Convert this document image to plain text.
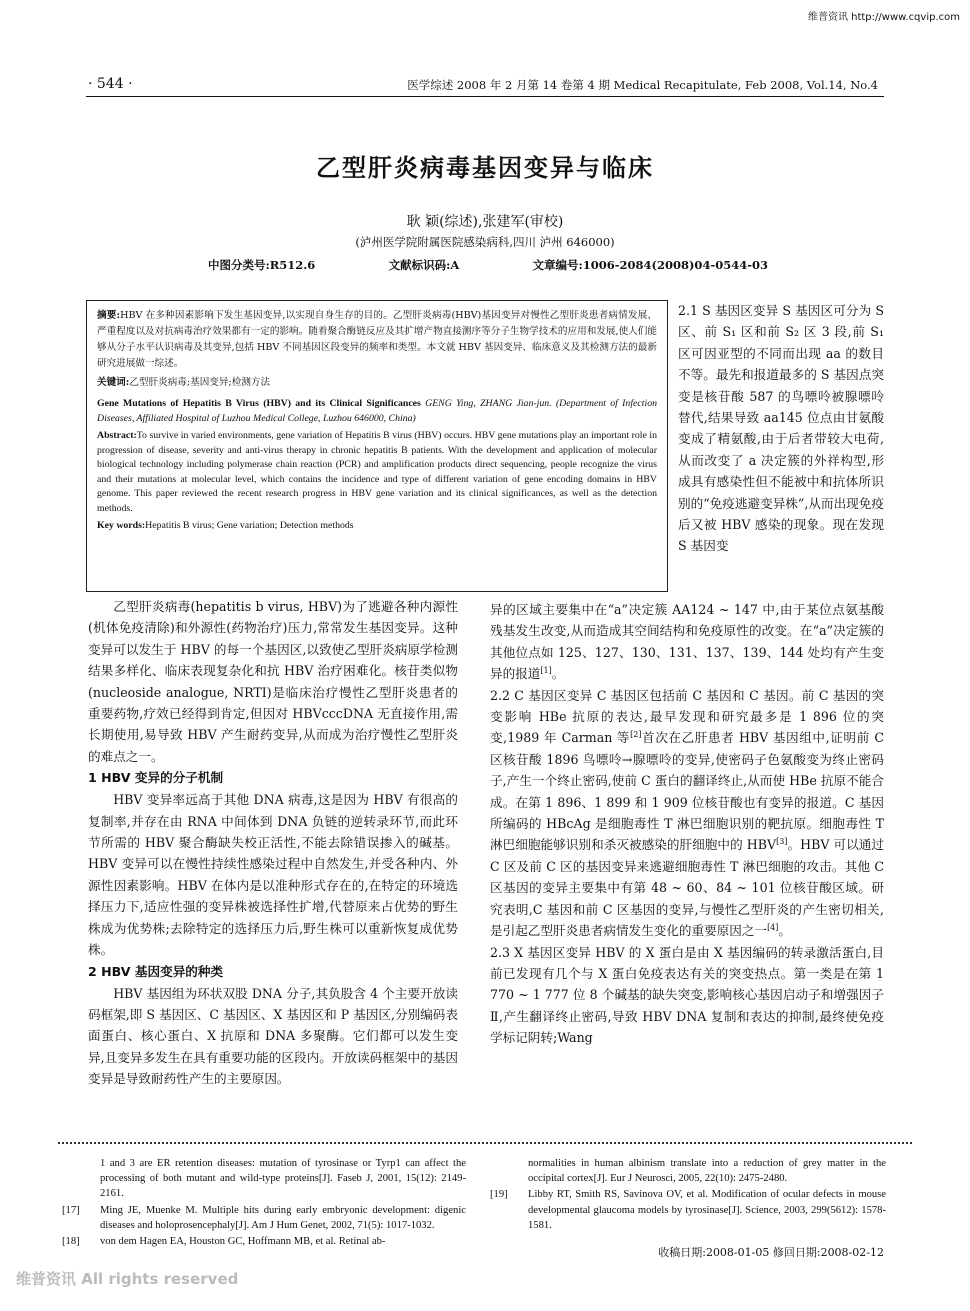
维普资讯 http://www.cqvip.com
· 544 ·	医学综述 2008 年 2 月第 14 卷第 4 期 Medical Recapitulate, Feb 2008, Vol.14, No.4
乙型肝炎病毒基因变异与临床
耿 颖(综述),张建军(审校)
(泸州医学院附属医院感染病科,四川 泸州 646000)
中图分类号:R512.6	文献标识码:A	文章编号:1006-2084(2008)04-0544-03

摘要:HBV 在多种因素影响下发生基因变异,以实现自身生存的目的。乙型肝炎病毒(HBV)基因变异对慢性乙型肝炎患者病情发展、严重程度以及对抗病毒治疗效果都有一定的影响。随着聚合酶链反应及其扩增产物直接测序等分子生物学技术的应用和发展,使人们能够从分子水平认识病毒及其变异,包括 HBV 不同基因区段变异的频率和类型。本文就 HBV 基因变异、临床意义及其检测方法的最新研究进展做一综述。

关键词:乙型肝炎病毒;基因变异;检测方法

Gene Mutations of Hepatitis B Virus (HBV) and its Clinical Significances GENG Ying, ZHANG Jian-jun. (Department of Infection Diseases, Affiliated Hospital of Luzhou Medical College, Luzhou 646000, China)

Abstract:To survive in varied environments, gene variation of Hepatitis B virus (HBV) occurs. HBV gene mutations play an important role in progression of disease, severity and anti-virus therapy in chronic hepatitis B patients. With the development and application of molecular biological technology including polymerase chain reaction (PCR) and amplification products direct sequencing, people recognize the virus and their mutations at molecular level, which contains the incidence and type of different variation of gene encoding domains in HBV genome. This paper reviewed the recent research progress in HBV gene variation and its clinical significances, as well as the detection methods.

Key words:Hepatitis B virus; Gene variation; Detection methods

2.1 S 基因区变异 S 基因区可分为 S 区、前 S₁ 区和前 S₂ 区 3 段,前 S₁ 区可因亚型的不同而出现 aa 的数目不等。最先和报道最多的 S 基因点突变是核苷酸 587 的鸟嘌呤被腺嘌呤替代,结果导致 aa145 位点由甘氨酸变成了精氨酸,由于后者带较大电荷,从而改变了 a 决定簇的外祥构型,形成具有感染性但不能被中和抗体所识别的“免疫逃避变异株”,从而出现免疫后又被 HBV 感染的现象。现在发现 S 基因变

乙型肝炎病毒(hepatitis b virus, HBV)为了逃避各种内源性(机体免疫清除)和外源性(药物治疗)压力,常常发生基因变异。这种变异可以发生于 HBV 的每一个基因区,以致使乙型肝炎病原学检测结果多样化、临床表现复杂化和抗 HBV 治疗困难化。核苷类似物(nucleoside analogue, NRTI)是临床治疗慢性乙型肝炎患者的重要药物,疗效已经得到肯定,但因对 HBVcccDNA 无直接作用,需长期使用,易导致 HBV 产生耐药变异,从而成为治疗慢性乙型肝炎的难点之一。

1 HBV 变异的分子机制

HBV 变异率远高于其他 DNA 病毒,这是因为 HBV 有很高的复制率,并存在由 RNA 中间体到 DNA 负链的逆转录环节,而此环节所需的 HBV 聚合酶缺失校正活性,不能去除错误掺入的碱基。HBV 变异可以在慢性持续性感染过程中自然发生,并受各种内、外源性因素影响。HBV 在体内是以准种形式存在的,在特定的环境选择压力下,适应性强的变异株被选择性扩增,代替原来占优势的野生株成为优势株;去除特定的选择压力后,野生株可以重新恢复成优势株。

2 HBV 基因变异的种类

HBV 基因组为环状双股 DNA 分子,其负股含 4 个主要开放读码框架,即 S 基因区、C 基因区、X 基因区和 P 基因区,分别编码表面蛋白、核心蛋白、X 抗原和 DNA 多聚酶。它们都可以发生变异,且变异多发生在具有重要功能的区段内。开放读码框架中的基因变异是导致耐药性产生的主要原因。

异的区域主要集中在“a”决定簇 AA124 ~ 147 中,由于某位点氨基酸残基发生改变,从而造成其空间结构和免疫原性的改变。在“a”决定簇的其他位点如 125、127、130、131、137、139、144 处均有产生变异的报道[1]。

2.2 C 基因区变异 C 基因区包括前 C 基因和 C 基因。前 C 基因的突变影响 HBe 抗原的表达,最早发现和研究最多是 1 896 位的突变,1989 年 Carman 等[2]首次在乙肝患者 HBV 基因组中,证明前 C 区核苷酸 1896 鸟嘌呤→腺嘌呤的变异,使密码子色氨酸变为终止密码子,产生一个终止密码,使前 C 蛋白的翻译终止,从而使 HBe 抗原不能合成。在第 1 896、1 899 和 1 909 位核苷酸也有变异的报道。C 基因所编码的 HBcAg 是细胞毒性 T 淋巴细胞识别的靶抗原。细胞毒性 T 淋巴细胞能够识别和杀灭被感染的肝细胞中的 HBV[3]。HBV 可以通过 C 区及前 C 区的基因变异来逃避细胞毒性 T 淋巴细胞的攻击。其他 C 区基因的变异主要集中有第 48 ~ 60、84 ~ 101 位核苷酸区域。研究表明,C 基因和前 C 区基因的变异,与慢性乙型肝炎的产生密切相关,是引起乙型肝炎患者病情发生变化的重要原因之一[4]。

2.3 X 基因区变异 HBV 的 X 蛋白是由 X 基因编码的转录激活蛋白,目前已发现有几个与 X 蛋白免疫表达有关的突变热点。第一类是在第 1 770 ~ 1 777 位 8 个碱基的缺失突变,影响核心基因启动子和增强因子 Ⅱ,产生翻译终止密码,导致 HBV DNA 复制和表达的抑制,最终使免疫学标记阴转;Wang

1 and 3 are ER retention diseases: mutation of tyrosinase or Tyrp1 can affect the processing of both mutant and wild-type proteins[J]. Faseb J, 2001, 15(12): 2149-2161.
[17]	Ming JE, Muenke M. Multiple hits during early embryonic development: digenic diseases and holoprosencephaly[J]. Am J Hum Genet, 2002, 71(5): 1017-1032.
[18]	von dem Hagen EA, Houston GC, Hoffmann MB, et al. Retinal ab-
normalities in human albinism translate into a reduction of grey matter in the occipital cortex[J]. Eur J Neurosci, 2005, 22(10): 2475-2480.
[19]	Libby RT, Smith RS, Savinova OV, et al. Modification of ocular defects in mouse developmental glaucoma models by tyrosinase[J]. Science, 2003, 299(5612): 1578-1581.
收稿日期:2008-01-05 修回日期:2008-02-12
维普资讯 All rights reserved
